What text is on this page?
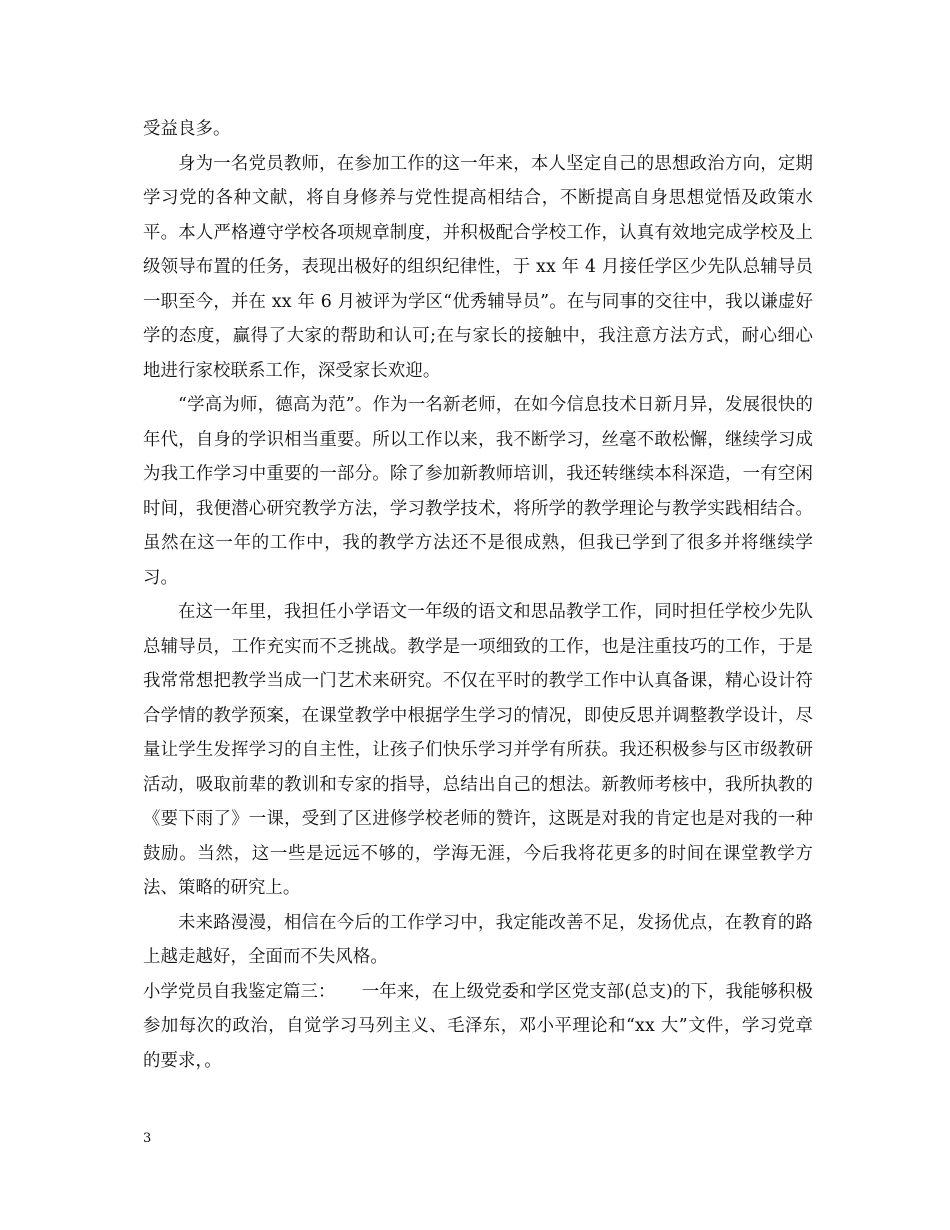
受益良多。

身为一名党员教师，在参加工作的这一年来，本人坚定自己的思想政治方向，定期学习党的各种文献，将自身修养与党性提高相结合，不断提高自身思想觉悟及政策水平。本人严格遵守学校各项规章制度，并积极配合学校工作，认真有效地完成学校及上级领导布置的任务，表现出极好的组织纪律性，于 xx 年 4 月接任学区少先队总辅导员一职至今，并在 xx 年 6 月被评为学区“优秀辅导员”。在与同事的交往中，我以谦虚好学的态度，赢得了大家的帮助和认可;在与家长的接触中，我注意方法方式，耐心细心地进行家校联系工作，深受家长欢迎。

“学高为师，德高为范”。作为一名新老师，在如今信息技术日新月异，发展很快的年代，自身的学识相当重要。所以工作以来，我不断学习，丝毫不敢松懈，继续学习成为我工作学习中重要的一部分。除了参加新教师培训，我还转继续本科深造，一有空闲时间，我便潜心研究教学方法，学习教学技术，将所学的教学理论与教学实践相结合。虽然在这一年的工作中，我的教学方法还不是很成熟，但我已学到了很多并将继续学习。

在这一年里，我担任小学语文一年级的语文和思品教学工作，同时担任学校少先队总辅导员，工作充实而不乏挑战。教学是一项细致的工作，也是注重技巧的工作，于是我常常想把教学当成一门艺术来研究。不仅在平时的教学工作中认真备课，精心设计符合学情的教学预案，在课堂教学中根据学生学习的情况，即使反思并调整教学设计，尽量让学生发挥学习的自主性，让孩子们快乐学习并学有所获。我还积极参与区市级教研活动，吸取前辈的教训和专家的指导，总结出自己的想法。新教师考核中，我所执教的《要下雨了》一课，受到了区进修学校老师的赞许，这既是对我的肯定也是对我的一种鼓励。当然，这一些是远远不够的，学海无涯，今后我将花更多的时间在课堂教学方法、策略的研究上。

未来路漫漫，相信在今后的工作学习中，我定能改善不足，发扬优点，在教育的路上越走越好，全面而不失风格。

小学党员自我鉴定篇三：　　一年来，在上级党委和学区党支部(总支)的下，我能够积极参加每次的政治，自觉学习马列主义、毛泽东，邓小平理论和“xx 大”文件，学习党章的要求，。

3
